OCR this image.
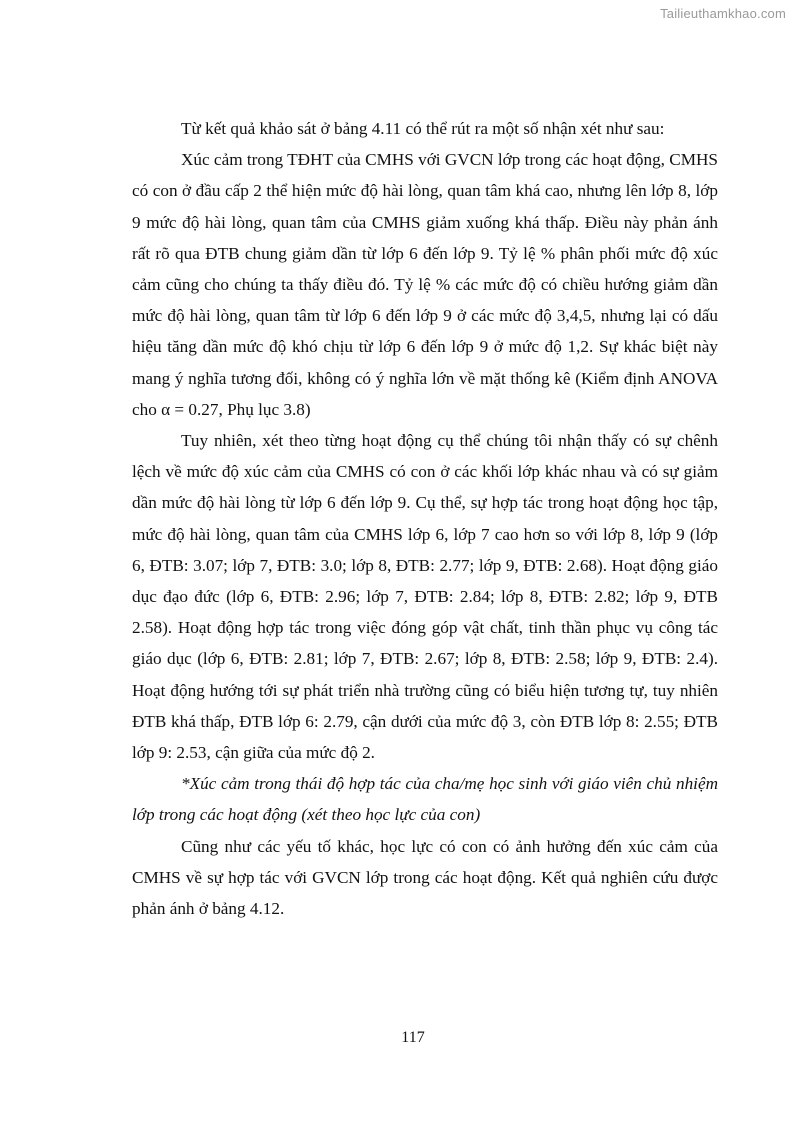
Tailieuthamkhao.com

Từ kết quả khảo sát ở bảng 4.11 có thể rút ra một số nhận xét như sau:

Xúc cảm trong TĐHT của CMHS với GVCN lớp trong các hoạt động, CMHS có con ở đầu cấp 2 thể hiện mức độ hài lòng, quan tâm khá cao, nhưng lên lớp 8, lớp 9 mức độ hài lòng, quan tâm của CMHS giảm xuống khá thấp. Điều này phản ánh rất rõ qua ĐTB chung giảm dần từ lớp 6 đến lớp 9. Tỷ lệ % phân phối mức độ xúc cảm cũng cho chúng ta thấy điều đó. Tỷ lệ % các mức độ có chiều hướng giảm dần mức độ hài lòng, quan tâm từ lớp 6 đến lớp 9 ở các mức độ 3,4,5, nhưng lại có dấu hiệu tăng dần mức độ khó chịu từ lớp 6 đến lớp 9 ở mức độ 1,2. Sự khác biệt này mang ý nghĩa tương đối, không có ý nghĩa lớn về mặt thống kê (Kiểm định ANOVA cho α = 0.27, Phụ lục 3.8)

Tuy nhiên, xét theo từng hoạt động cụ thể chúng tôi nhận thấy có sự chênh lệch về mức độ xúc cảm của CMHS có con ở các khối lớp khác nhau và có sự giảm dần mức độ hài lòng từ lớp 6 đến lớp 9. Cụ thể, sự hợp tác trong hoạt động học tập, mức độ hài lòng, quan tâm của CMHS lớp 6, lớp 7 cao hơn so với lớp 8, lớp 9 (lớp 6, ĐTB: 3.07; lớp 7, ĐTB: 3.0; lớp 8, ĐTB: 2.77; lớp 9, ĐTB: 2.68). Hoạt động giáo dục đạo đức (lớp 6, ĐTB: 2.96; lớp 7, ĐTB: 2.84; lớp 8, ĐTB: 2.82; lớp 9, ĐTB 2.58). Hoạt động hợp tác trong việc đóng góp vật chất, tinh thần phục vụ công tác giáo dục (lớp 6, ĐTB: 2.81; lớp 7, ĐTB: 2.67; lớp 8, ĐTB: 2.58; lớp 9, ĐTB: 2.4). Hoạt động hướng tới sự phát triển nhà trường cũng có biểu hiện tương tự, tuy nhiên ĐTB khá thấp, ĐTB lớp 6: 2.79, cận dưới của mức độ 3, còn ĐTB lớp 8: 2.55; ĐTB lớp 9: 2.53, cận giữa của mức độ 2.

*Xúc cảm trong thái độ hợp tác của cha/mẹ học sinh với giáo viên chủ nhiệm lớp trong các hoạt động (xét theo học lực của con)

Cũng như các yếu tố khác, học lực có con có ảnh hưởng đến xúc cảm của CMHS về sự hợp tác với GVCN lớp trong các hoạt động. Kết quả nghiên cứu được phản ánh ở bảng 4.12.

117
